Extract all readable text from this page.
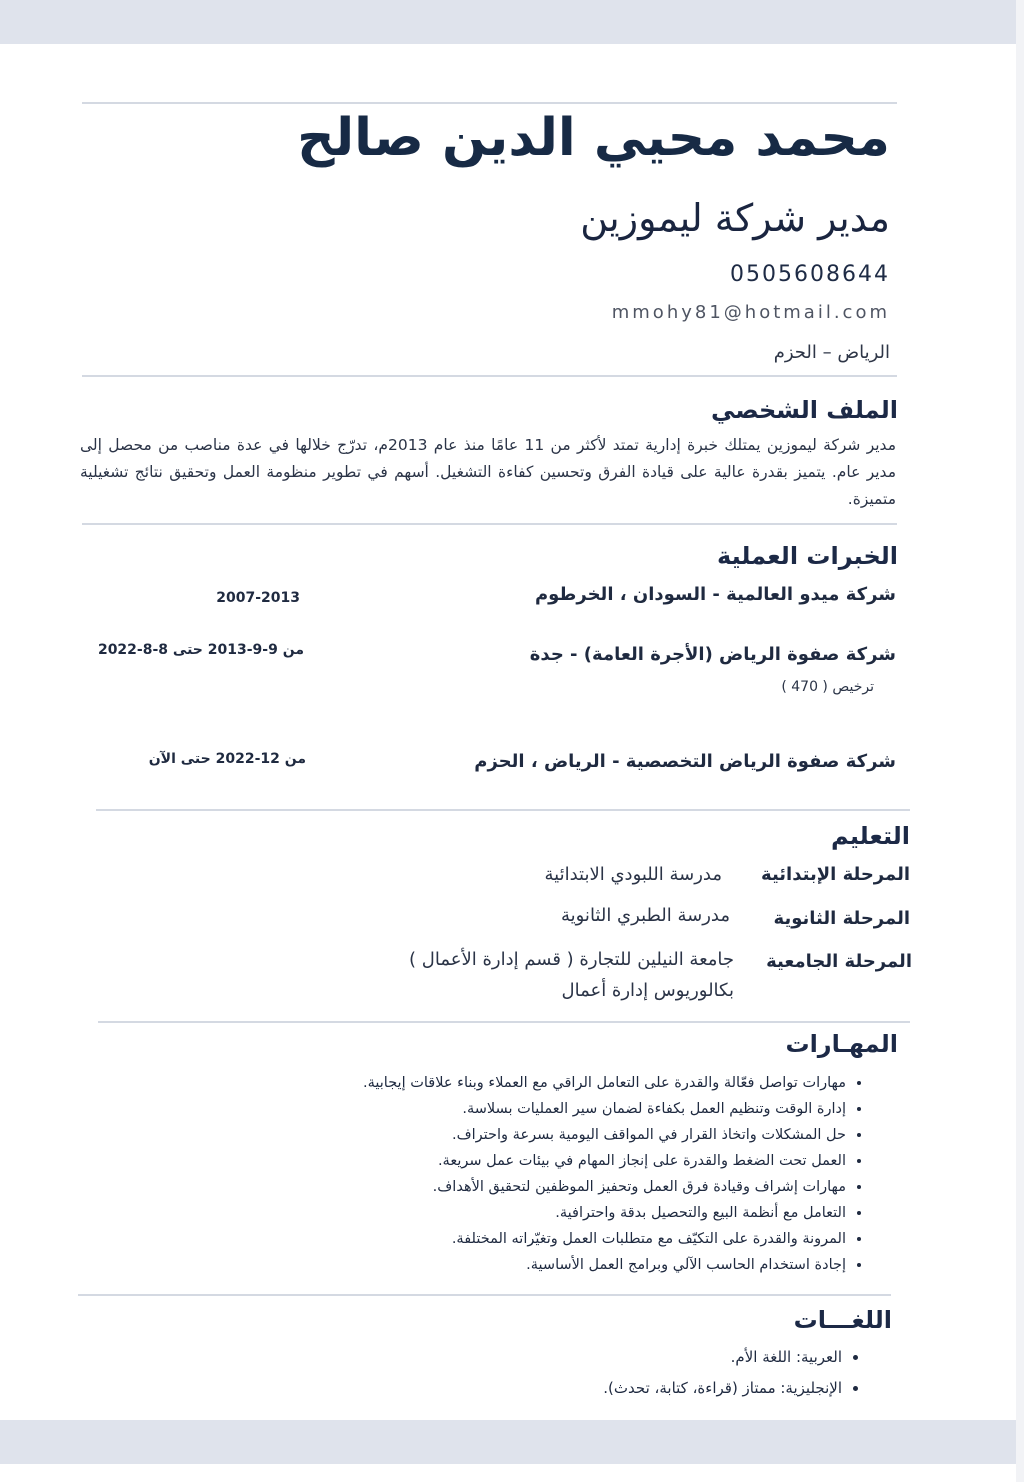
محمد محيي الدين صالح
مدير شركة ليموزين
0505608644
mmohy81@hotmail.com
الرياض – الحزم
الملف الشخصي
مدير شركة ليموزين يمتلك خبرة إدارية تمتد لأكثر من 11 عامًا منذ عام 2013م، تدرّج خلالها في عدة مناصب من محصل إلى مدير عام. يتميز بقدرة عالية على قيادة الفرق وتحسين كفاءة التشغيل. أسهم في تطوير منظومة العمل وتحقيق نتائج تشغيلية متميزة.
الخبرات العملية
شركة ميدو العالمية - السودان ، الخرطوم
2007-2013
شركة صفوة الرياض (الأجرة العامة) - جدة
من 9-9-2013 حتى 8-8-2022
ترخيص ( 470 )
شركة صفوة الرياض التخصصية - الرياض ، الحزم
من 12-2022 حتى الآن
التعليم
المرحلة الإبتدائية
مدرسة اللبودي الابتدائية
المرحلة الثانوية
مدرسة الطبري الثانوية
المرحلة الجامعية
جامعة النيلين للتجارة ( قسم إدارة الأعمال )
بكالوريوس إدارة أعمال
المهـارات
• مهارات تواصل فعّالة والقدرة على التعامل الراقي مع العملاء وبناء علاقات إيجابية.
• إدارة الوقت وتنظيم العمل بكفاءة لضمان سير العمليات بسلاسة.
• حل المشكلات واتخاذ القرار في المواقف اليومية بسرعة واحتراف.
• العمل تحت الضغط والقدرة على إنجاز المهام في بيئات عمل سريعة.
• مهارات إشراف وقيادة فرق العمل وتحفيز الموظفين لتحقيق الأهداف.
• التعامل مع أنظمة البيع والتحصيل بدقة واحترافية.
• المرونة والقدرة على التكيّف مع متطلبات العمل وتغيّراته المختلفة.
• إجادة استخدام الحاسب الآلي وبرامج العمل الأساسية.
اللغـــات
• العربية: اللغة الأم.
• الإنجليزية: ممتاز (قراءة، كتابة، تحدث).
